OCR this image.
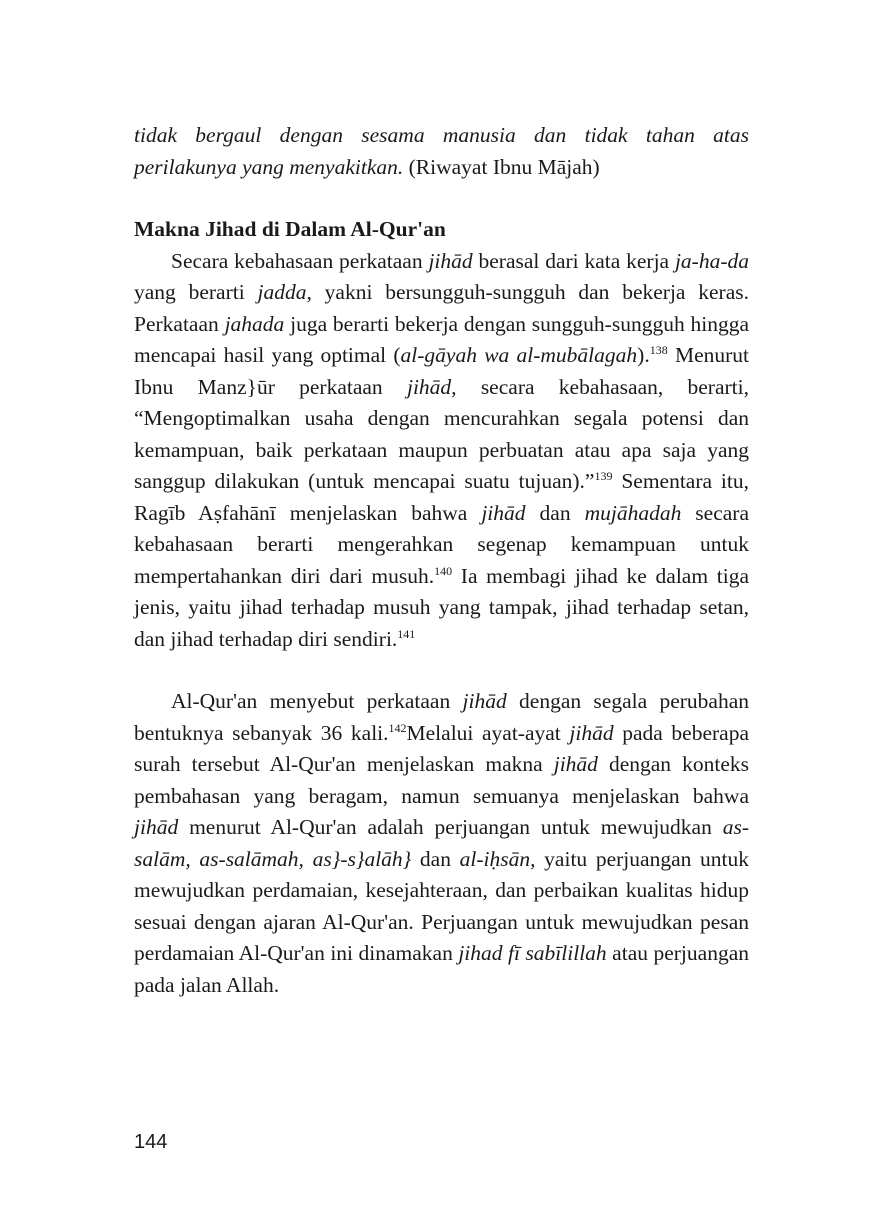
tidak bergaul dengan sesama manusia dan tidak tahan atas perilakunya yang menyakitkan. (Riwayat Ibnu Mājah)

Makna Jihad di Dalam Al-Qur'an

Secara kebahasaan perkataan jihād berasal dari kata kerja ja-ha-da yang berarti jadda, yakni bersungguh-sungguh dan bekerja keras. Perkataan jahada juga berarti bekerja dengan sungguh-sungguh hingga mencapai hasil yang optimal (al-gāyah wa al-mubālagah).$^{138}$ Menurut Ibnu Manz}ūr perkataan jihād, secara kebahasaan, berarti, “Mengoptimalkan usaha dengan mencurahkan segala potensi dan kemampuan, baik perkataan maupun perbuatan atau apa saja yang sanggup dilakukan (untuk mencapai suatu tujuan).”$^{139}$ Sementara itu, Ragīb Aṣfahānī menjelaskan bahwa jihād dan mujāhadah secara kebahasaan berarti mengerahkan segenap kemampuan untuk mempertahankan diri dari musuh.$^{140}$ Ia membagi jihad ke dalam tiga jenis, yaitu jihad terhadap musuh yang tampak, jihad terhadap setan, dan jihad terhadap diri sendiri.$^{141}$

Al-Qur'an menyebut perkataan jihād dengan segala perubahan bentuknya sebanyak 36 kali.$^{142}$Melalui ayat-ayat jihād pada beberapa surah tersebut Al-Qur'an menjelaskan makna jihād dengan konteks pembahasan yang beragam, namun semuanya menjelaskan bahwa jihād menurut Al-Qur'an adalah perjuangan untuk mewujudkan as-salām, as-salāmah, as}-s}alāh} dan al-iḥsān, yaitu perjuangan untuk mewujudkan perdamaian, kesejahteraan, dan perbaikan kualitas hidup sesuai dengan ajaran Al-Qur'an. Perjuangan untuk mewujudkan pesan perdamaian Al-Qur'an ini dinamakan jihad fī sabīlillah atau perjuangan pada jalan Allah.

144
